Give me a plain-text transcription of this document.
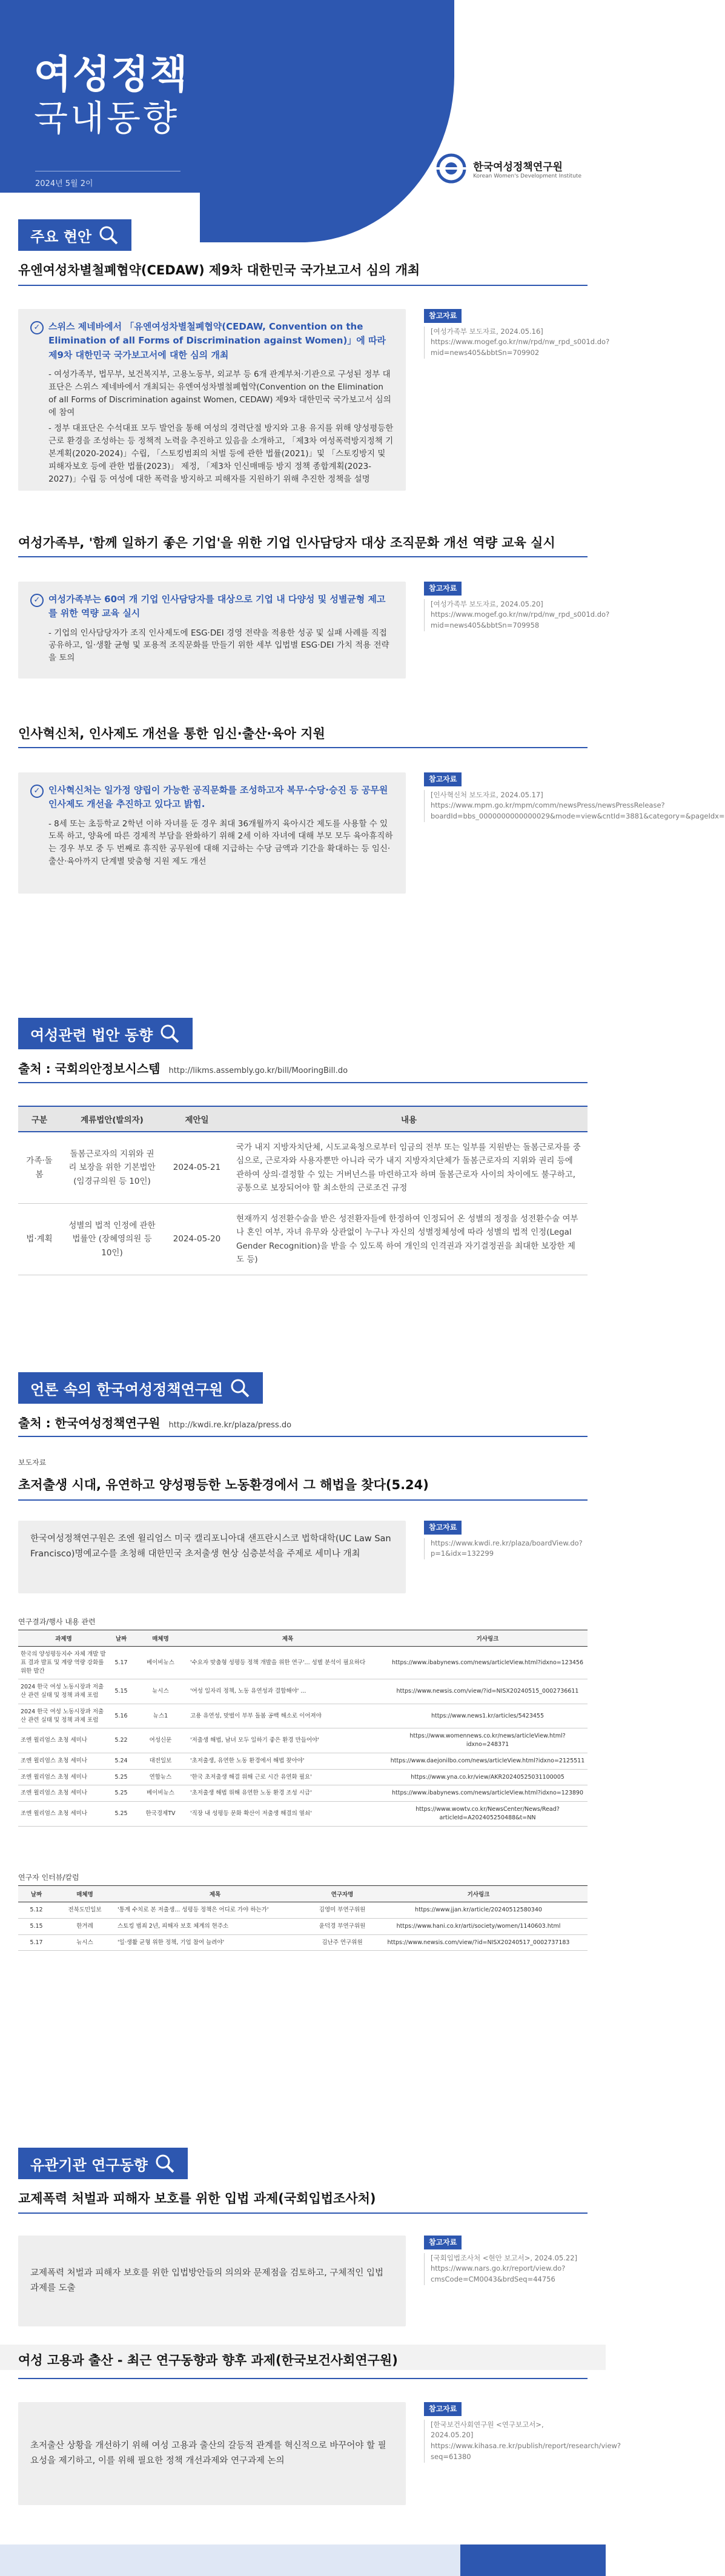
여성정책
국내동향
2024년 5월 2이
한국여성정책연구원
Korean Women's Development Institute
주요 현안
유엔여성차별철폐협약(CEDAW) 제9차 대한민국 국가보고서 심의 개최
✓ 스위스 제네바에서 「유엔여성차별철폐협약(CEDAW, Convention on the Elimination of all Forms of Discrimination against Women)」에 따라 제9차 대한민국 국가보고서에 대한 심의 개최
- 여성가족부, 법무부, 보건복지부, 고용노동부, 외교부 등 6개 관계부처·기관으로 구성된 정부 대표단은 스위스 제네바에서 개최되는 유엔여성차별철폐협약(Convention on the Elimination of all Forms of Discrimination against Women, CEDAW) 제9차 대한민국 국가보고서 심의에 참여
- 정부 대표단은 수석대표 모두 발언을 통해 여성의 경력단절 방지와 고용 유지를 위해 양성평등한 근로 환경을 조성하는 등 정책적 노력을 추진하고 있음을 소개하고, 「제3차 여성폭력방지정책 기본계획(2020-2024)」수립, 「스토킹범죄의 처벌 등에 관한 법률(2021)」및 「스토킹방지 및 피해자보호 등에 관한 법률(2023)」 제정, 「제3차 인신매매등 방지 정책 종합계획(2023-2027)」수립 등 여성에 대한 폭력을 방지하고 피해자를 지원하기 위해 추진한 정책을 설명
참고자료
[여성가족부 보도자료, 2024.05.16] https://www.mogef.go.kr/nw/rpd/nw_rpd_s001d.do?mid=news405&bbtSn=709902
여성가족부, '함께 일하기 좋은 기업'을 위한 기업 인사담당자 대상 조직문화 개선 역량 교육 실시
✓ 여성가족부는 60여 개 기업 인사담당자를 대상으로 기업 내 다양성 및 성별균형 제고를 위한 역량 교육 실시
- 기업의 인사담당자가 조직 인사제도에 ESG·DEI 경영 전략을 적용한 성공 및 실패 사례를 직접 공유하고, 일·생활 균형 및 포용적 조직문화를 만들기 위한 세부 입법별 ESG·DEI 가치 적용 전략을 토의
참고자료
[여성가족부 보도자료, 2024.05.20] https://www.mogef.go.kr/nw/rpd/nw_rpd_s001d.do?mid=news405&bbtSn=709958
인사혁신처, 인사제도 개선을 통한 임신·출산·육아 지원
✓ 인사혁신처는 일가정 양립이 가능한 공직문화를 조성하고자 복무·수당·승진 등 공무원 인사제도 개선을 추진하고 있다고 밝힘.
- 8세 또는 초등학교 2학년 이하 자녀를 둔 경우 최대 36개월까지 육아시간 제도를 사용할 수 있도록 하고, 양육에 따른 경제적 부담을 완화하기 위해 2세 이하 자녀에 대해 부모 모두 육아휴직하는 경우 부모 중 두 번째로 휴직한 공무원에 대해 지급하는 수당 금액과 기간을 확대하는 등 임신·출산·육아까지 단계별 맞춤형 지원 제도 개선
참고자료
[인사혁신처 보도자료, 2024.05.17] https://www.mpm.go.kr/mpm/comm/newsPress/newsPressRelease?boardId=bbs_0000000000000029&mode=view&cntId=3881&category=&pageIdx=
여성관련 법안 동향
출처 : 국회의안정보시스템 http://likms.assembly.go.kr/bill/MooringBill.do
구분	계류법안(발의자)	제안일	내용
가족·돌봄	돌봄근로자의 지위와 권리 보장을 위한 기본법안 (임경규의원 등 10인)	2024-05-21	국가 내지 지방자치단체, 시도교육청으로부터 임금의 전부 또는 일부를 지원받는 돌봄근로자를 중심으로, 근로자와 사용자뿐만 아니라 국가 내지 지방자치단체가 돌봄근로자의 지위와 권리 등에 관하여 상의·결정할 수 있는 거버넌스를 마련하고자 하며 돌봄근로자 사이의 차이에도 불구하고, 공통으로 보장되어야 할 최소한의 근로조건 규정
법·계획	성별의 법적 인정에 관한 법률안 (장혜영의원 등 10인)	2024-05-20	현재까지 성전환수술을 받은 성전환자들에 한정하여 인정되어 온 성별의 정정을 성전환수술 여부나 혼인 여부, 자녀 유무와 상관없이 누구나 자신의 성별정체성에 따라 성별의 법적 인정(Legal Gender Recognition)을 받을 수 있도록 하여 개인의 인격권과 자기결정권을 최대한 보장한 제도 등)
언론 속의 한국여성정책연구원
출처 : 한국여성정책연구원 http://kwdi.re.kr/plaza/press.do
보도자료
초저출생 시대, 유연하고 양성평등한 노동환경에서 그 해법을 찾다(5.24)
한국여성정책연구원은 조엔 윌리엄스 미국 캘리포니아대 샌프란시스코 법학대학(UC Law San Francisco)명예교수를 초청해 대한민국 초저출생 현상 심층분석을 주제로 세미나 개최
참고자료
https://www.kwdi.re.kr/plaza/boardView.do?p=1&idx=132299
연구결과/행사 내용 관련
과제명	날짜	매체명	제목	기사링크
한국의 양성평등지수 자체 개발 발표 결과 발표 및 계량 역량 강화를 위한 발간	5.17	베이비뉴스	'수요자 맞춤형 성평등 정책 개발을 위한 연구'... 성별 분석이 필요하다	https://www.ibabynews.com/news/articleView.html?idxno=123456
2024 한국 여성 노동시장과 저출산 관련 실태 및 정책 과제 포럼	5.15	뉴시스	'여성 일자리 정책, 노동 유연성과 결합해야' ...	https://www.newsis.com/view/?id=NISX20240515_0002736611
2024 한국 여성 노동시장과 저출산 관련 실태 및 정책 과제 포럼	5.16	뉴스1	고용 유연성, 맞벌이 부부 돌봄 공백 해소로 이어져야	https://www.news1.kr/articles/5423455
조엔 윌리엄스 초청 세미나	5.22	여성신문	'저출생 해법, 남녀 모두 일하기 좋은 환경 만들어야'	https://www.womennews.co.kr/news/articleView.html?idxno=248371
조엔 윌리엄스 초청 세미나	5.24	대전일보	'초저출생, 유연한 노동 환경에서 해법 찾아야'	https://www.daejonilbo.com/news/articleView.html?idxno=2125511
조엔 윌리엄스 초청 세미나	5.25	연합뉴스	'한국 초저출생 해결 위해 근로 시간 유연화 필요'	https://www.yna.co.kr/view/AKR20240525031100005
조엔 윌리엄스 초청 세미나	5.25	베이비뉴스	'초저출생 해법 위해 유연한 노동 환경 조성 시급'	https://www.ibabynews.com/news/articleView.html?idxno=123890
조엔 윌리엄스 초청 세미나	5.25	한국경제TV	'직장 내 성평등 문화 확산이 저출생 해결의 열쇠'	https://www.wowtv.co.kr/NewsCenter/News/Read?articleId=A202405250488&t=NN
연구자 인터뷰/칼럼
날짜	매체명	제목	연구자명	기사링크
5.12	전북도민일보	'통계 수치로 본 저출생... 성평등 정책은 어디로 가야 하는가'	김영미 부연구위원	https://www.jjan.kr/article/20240512580340
5.15	한겨레	스토킹 범죄 2년, 피해자 보호 체계의 현주소	윤덕경 부연구위원	https://www.hani.co.kr/arti/society/women/1140603.html
5.17	뉴시스	'일·생활 균형 위한 정책, 기업 참여 늘려야'	김난주 연구위원	https://www.newsis.com/view/?id=NISX20240517_0002737183
유관기관 연구동향
교제폭력 처벌과 피해자 보호를 위한 입법 과제(국회입법조사처)
교제폭력 처벌과 피해자 보호를 위한 입법방안들의 의의와 문제점을 검토하고, 구체적인 입법 과제를 도출
참고자료
[국회입법조사처 <현안 보고서>, 2024.05.22] https://www.nars.go.kr/report/view.do?cmsCode=CM0043&brdSeq=44756
여성 고용과 출산 - 최근 연구동향과 향후 과제(한국보건사회연구원)
초저출산 상황을 개선하기 위해 여성 고용과 출산의 갈등적 관계를 혁신적으로 바꾸어야 할 필요성을 제기하고, 이를 위해 필요한 정책 개선과제와 연구과제 논의
참고자료
[한국보건사회연구원 <연구보고서>, 2024.05.20] https://www.kihasa.re.kr/publish/report/research/view?seq=61380
